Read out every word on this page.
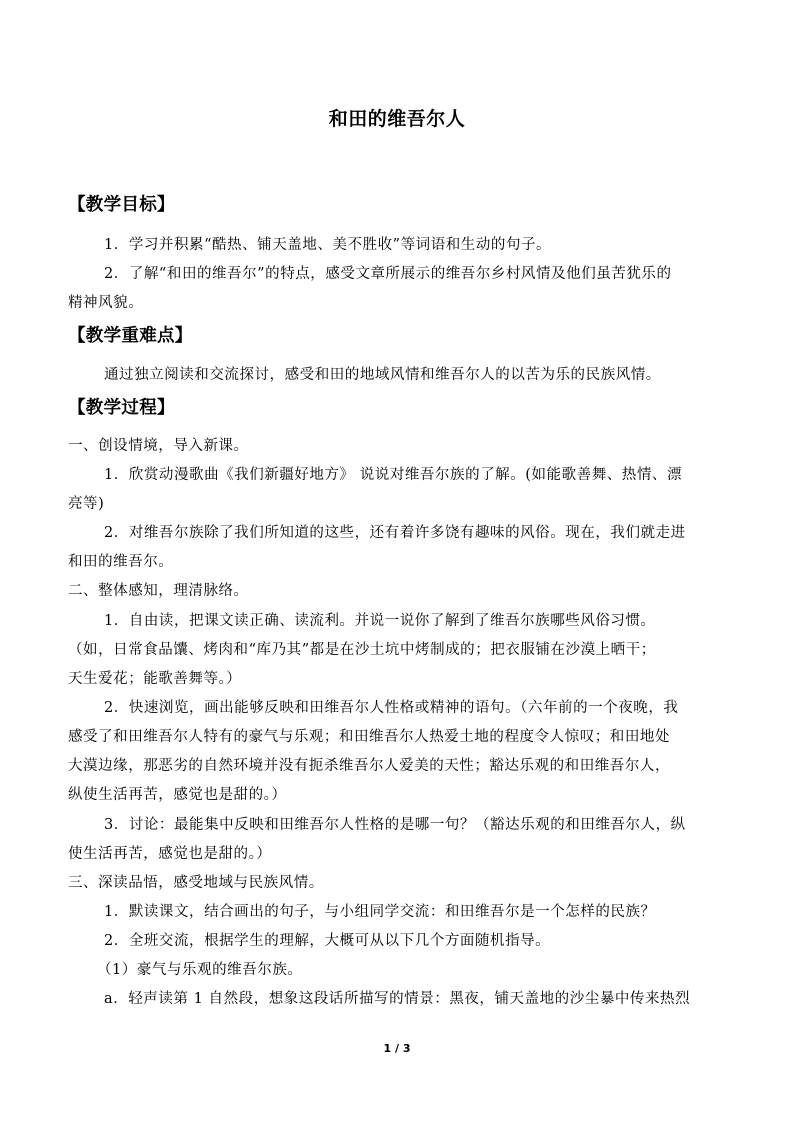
和田的维吾尔人
【教学目标】
1．学习并积累“酷热、铺天盖地、美不胜收”等词语和生动的句子。
2．了解“和田的维吾尔”的特点，感受文章所展示的维吾尔乡村风情及他们虽苦犹乐的
精神风貌。
【教学重难点】
通过独立阅读和交流探讨，感受和田的地域风情和维吾尔人的以苦为乐的民族风情。
【教学过程】
一、创设情境，导入新课。
1．欣赏动漫歌曲《我们新疆好地方》 说说对维吾尔族的了解。(如能歌善舞、热情、漂
亮等)
2．对维吾尔族除了我们所知道的这些，还有着许多饶有趣味的风俗。现在，我们就走进
和田的维吾尔。
二、整体感知，理清脉络。
1．自由读，把课文读正确、读流利。并说一说你了解到了维吾尔族哪些风俗习惯。
（如，日常食品馕、烤肉和“库乃其”都是在沙土坑中烤制成的；把衣服铺在沙漠上晒干；
天生爱花；能歌善舞等。）
2．快速浏览，画出能够反映和田维吾尔人性格或精神的语句。（六年前的一个夜晚，我
感受了和田维吾尔人特有的豪气与乐观；和田维吾尔人热爱土地的程度令人惊叹；和田地处
大漠边缘，那恶劣的自然环境并没有扼杀维吾尔人爱美的天性；豁达乐观的和田维吾尔人，
纵使生活再苦，感觉也是甜的。）
3．讨论：最能集中反映和田维吾尔人性格的是哪一句？（豁达乐观的和田维吾尔人，纵
使生活再苦，感觉也是甜的。）
三、深读品悟，感受地域与民族风情。
1．默读课文，结合画出的句子，与小组同学交流：和田维吾尔是一个怎样的民族？
2．全班交流，根据学生的理解，大概可从以下几个方面随机指导。
（1）豪气与乐观的维吾尔族。
a．轻声读第 1 自然段，想象这段话所描写的情景：黑夜，铺天盖地的沙尘暴中传来热烈
1 / 3
